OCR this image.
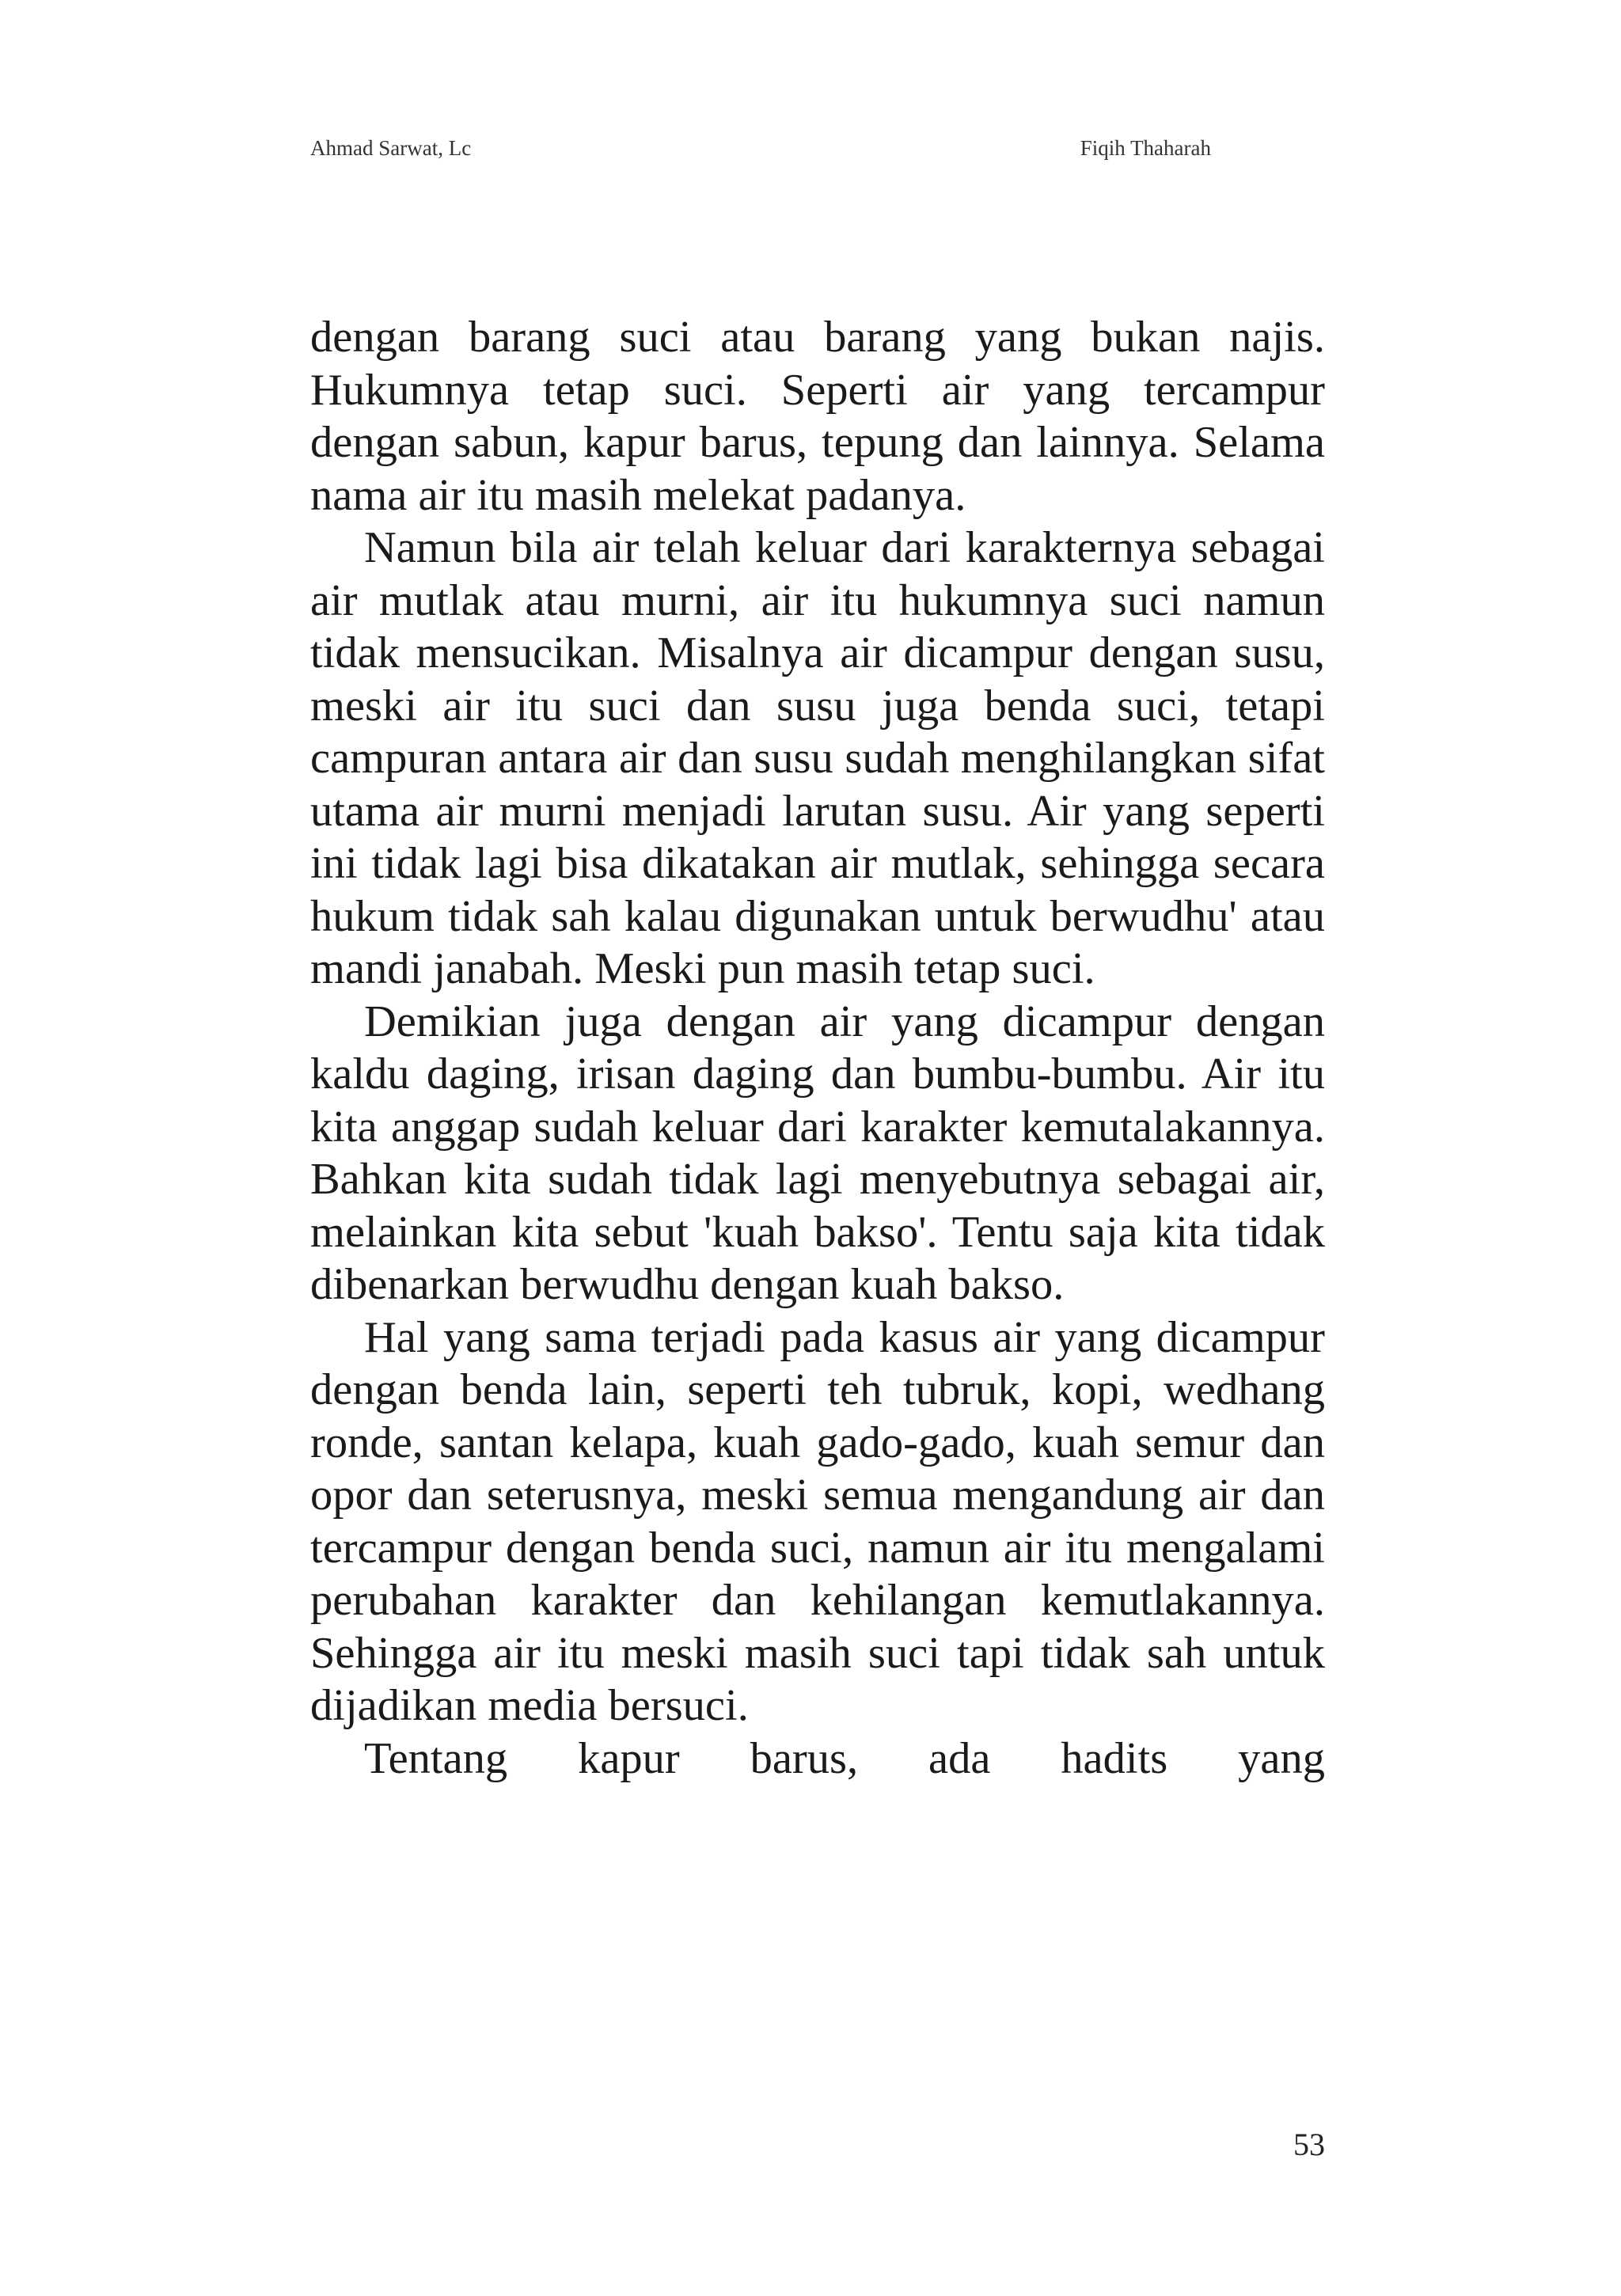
Ahmad Sarwat, Lc	Fiqih Thaharah

dengan barang suci atau barang yang bukan najis. Hukumnya tetap suci. Seperti air yang tercampur dengan sabun, kapur barus, tepung dan lainnya. Selama nama air itu masih melekat padanya.

Namun bila air telah keluar dari karakternya sebagai air mutlak atau murni, air itu hukumnya suci namun tidak mensucikan. Misalnya air dicampur dengan susu, meski air itu suci dan susu juga benda suci, tetapi campuran antara air dan susu sudah menghilangkan sifat utama air murni menjadi larutan susu. Air yang seperti ini tidak lagi bisa dikatakan air mutlak, sehingga secara hukum tidak sah kalau digunakan untuk berwudhu' atau mandi janabah. Meski pun masih tetap suci.

Demikian juga dengan air yang dicampur dengan kaldu daging, irisan daging dan bumbu-bumbu. Air itu kita anggap sudah keluar dari karakter kemutalakannya. Bahkan kita sudah tidak lagi menyebutnya sebagai air, melainkan kita sebut 'kuah bakso'. Tentu saja kita tidak dibenarkan berwudhu dengan kuah bakso.

Hal yang sama terjadi pada kasus air yang dicampur dengan benda lain, seperti teh tubruk, kopi, wedhang ronde, santan kelapa, kuah gado-gado, kuah semur dan opor dan seterusnya, meski semua mengandung air dan tercampur dengan benda suci, namun air itu mengalami perubahan karakter dan kehilangan kemutlakannya. Sehingga air itu meski masih suci tapi tidak sah untuk dijadikan media bersuci.

Tentang kapur barus, ada hadits yang

53
